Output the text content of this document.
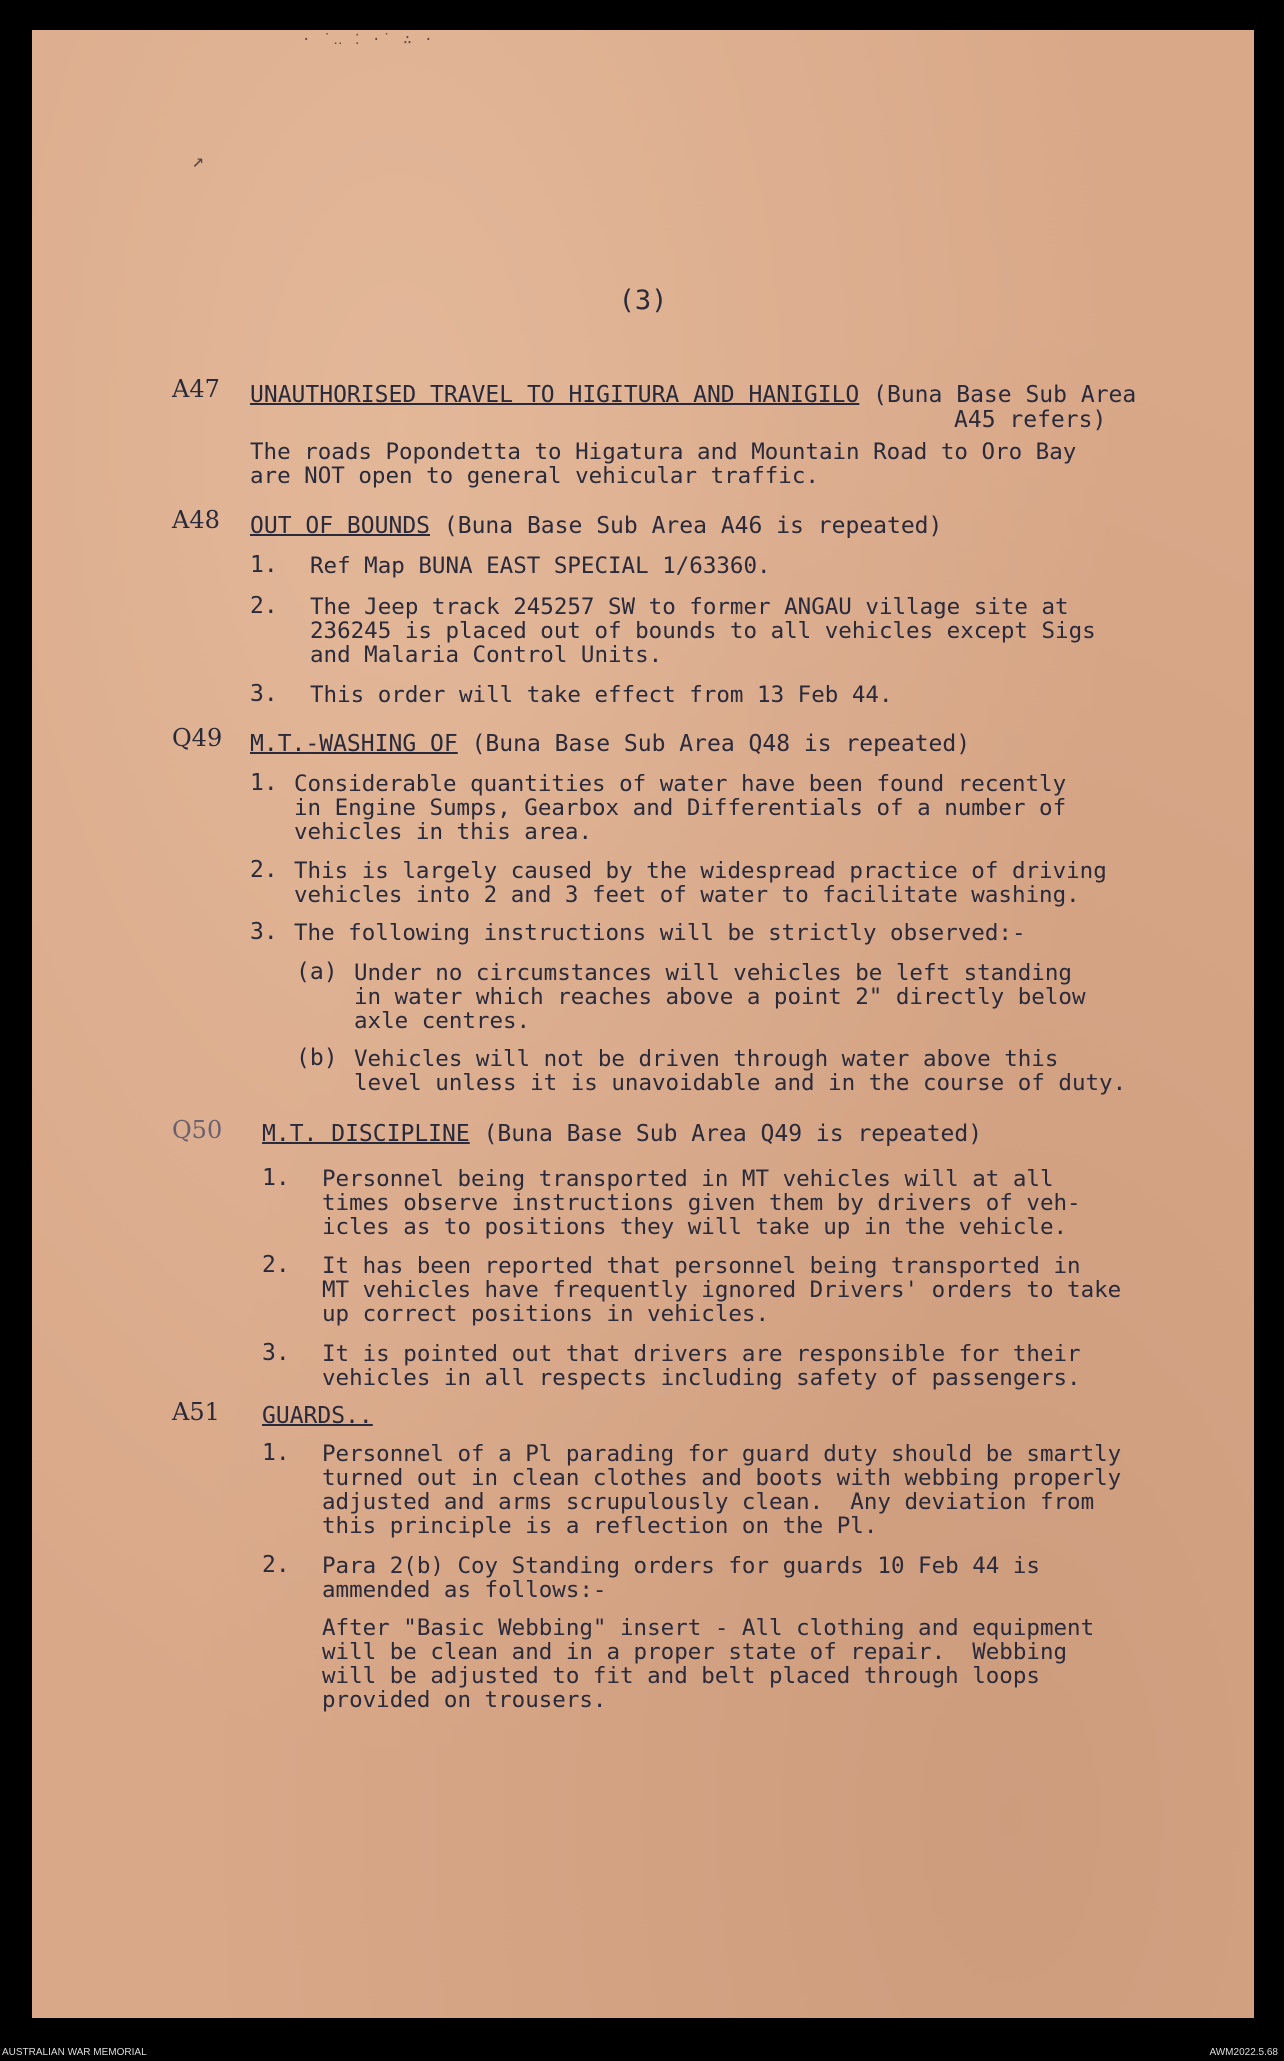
· ˙‥ ⁚ ·˙ ∴ ·
↗
(3)
A47 UNAUTHORISED TRAVEL TO HIGITURA AND HANIGILO (Buna Base Sub Area
A45 refers)
The roads Popondetta to Higatura and Mountain Road to Oro Bay
are NOT open to general vehicular traffic.
A48 OUT OF BOUNDS (Buna Base Sub Area A46 is repeated)
1. Ref Map BUNA EAST SPECIAL 1/63360.
2. The Jeep track 245257 SW to former ANGAU village site at
236245 is placed out of bounds to all vehicles except Sigs
and Malaria Control Units.
3. This order will take effect from 13 Feb 44.
Q49 M.T.-WASHING OF (Buna Base Sub Area Q48 is repeated)
1. Considerable quantities of water have been found recently
in Engine Sumps, Gearbox and Differentials of a number of
vehicles in this area.
2. This is largely caused by the widespread practice of driving
vehicles into 2 and 3 feet of water to facilitate washing.
3. The following instructions will be strictly observed:-
(a) Under no circumstances will vehicles be left standing
in water which reaches above a point 2" directly below
axle centres.
(b) Vehicles will not be driven through water above this
level unless it is unavoidable and in the course of duty.
Q50 M.T. DISCIPLINE (Buna Base Sub Area Q49 is repeated)
1. Personnel being transported in MT vehicles will at all
times observe instructions given them by drivers of veh-
icles as to positions they will take up in the vehicle.
2. It has been reported that personnel being transported in
MT vehicles have frequently ignored Drivers' orders to take
up correct positions in vehicles.
3. It is pointed out that drivers are responsible for their
vehicles in all respects including safety of passengers.
A51 GUARDS..
1. Personnel of a Pl parading for guard duty should be smartly
turned out in clean clothes and boots with webbing properly
adjusted and arms scrupulously clean.  Any deviation from
this principle is a reflection on the Pl.
2. Para 2(b) Coy Standing orders for guards 10 Feb 44 is
ammended as follows:-
After "Basic Webbing" insert - All clothing and equipment
will be clean and in a proper state of repair.  Webbing
will be adjusted to fit and belt placed through loops
provided on trousers.
AUSTRALIAN WAR MEMORIAL	AWM2022.5.68
